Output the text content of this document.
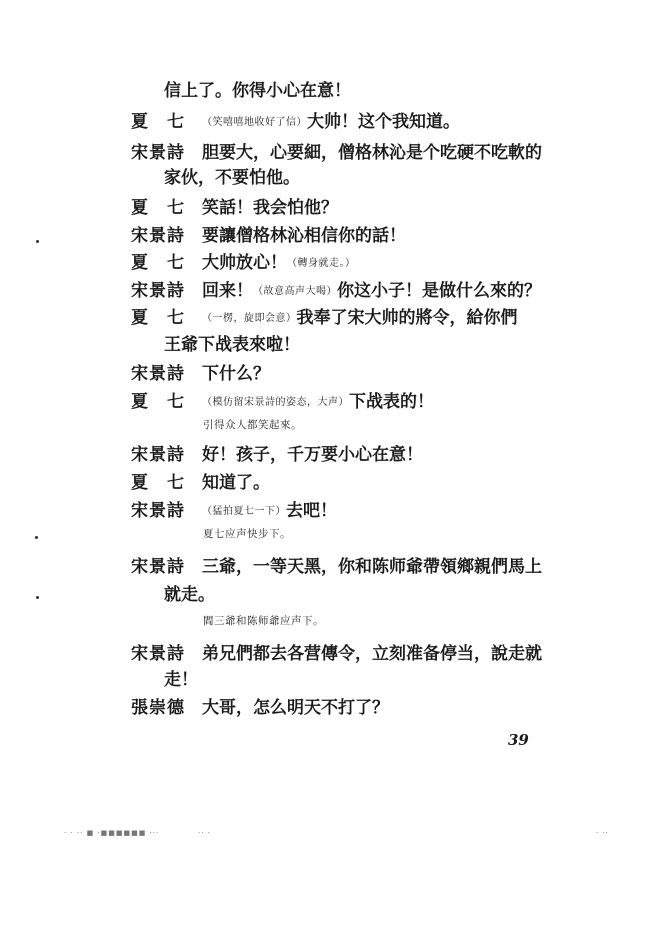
信上了。你得小心在意！
夏　七	（笑嘻嘻地收好了信）大帅！这个我知道。
宋景詩	胆要大，心要細，僧格林沁是个吃硬不吃軟的
家伙，不要怕他。
夏　七	笑話！我会怕他？
宋景詩	要讓僧格林沁相信你的話！
夏　七	大帅放心！（轉身就走。）
宋景詩	回来！（故意高声大喝）你这小子！是做什么來的？
夏　七	（一楞，旋即会意）我奉了宋大帅的將令，給你們
王爺下战表來啦！
宋景詩	下什么？
夏　七	（模仿留宋景詩的姿态，大声）下战表的！
引得众人都笑起來。
宋景詩	好！孩子，千万要小心在意！
夏　七	知道了。
宋景詩	（猛拍夏七一下）去吧！
夏七应声快步下。
宋景詩	三爺，一等天黑，你和陈师爺帶領鄉親們馬上
就走。
閻三爺和陈师爺应声下。
宋景詩	弟兄們都去各营傳令，立刻准备停当，說走就
走！
張崇德	大哥，怎么明天不打了？
39
· · ·· ■ ·■■■■■■ ···	·· ·	· ··
